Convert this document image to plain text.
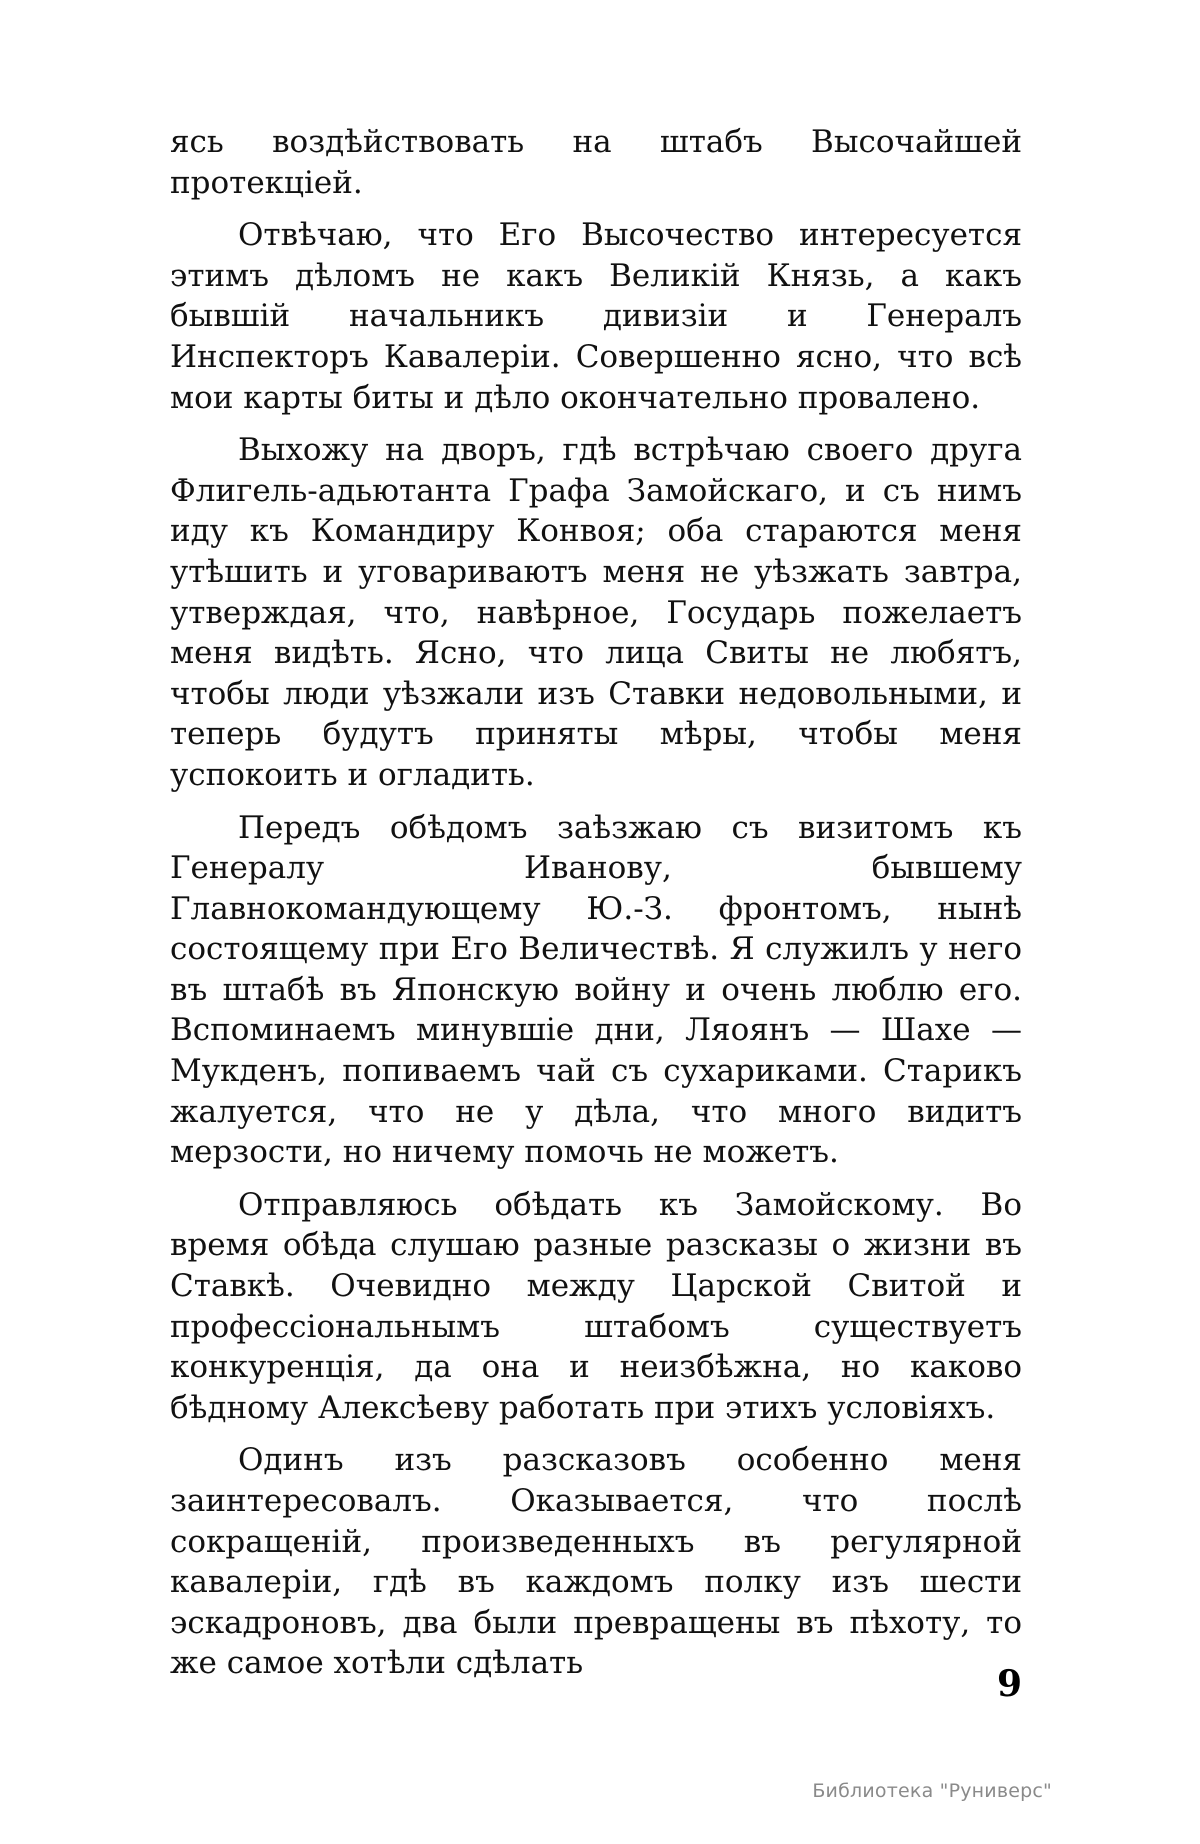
ясь воздѣйствовать на штабъ Высочайшей протекціей.

Отвѣчаю, что Его Высочество интересуется этимъ дѣломъ не какъ Великій Князь, а какъ бывшій начальникъ дивизіи и Генералъ Инспекторъ Кавалеріи. Совершенно ясно, что всѣ мои карты биты и дѣло окончательно провалено.

Выхожу на дворъ, гдѣ встрѣчаю своего друга Флигель-адьютанта Графа Замойскаго, и съ нимъ иду къ Командиру Конвоя; оба стараются меня утѣшить и уговариваютъ меня не уѣзжать завтра, утверждая, что, навѣрное, Государь пожелаетъ меня видѣть. Ясно, что лица Свиты не любятъ, чтобы люди уѣзжали изъ Ставки недовольными, и теперь будутъ приняты мѣры, чтобы меня успокоить и огладить.

Передъ обѣдомъ заѣзжаю съ визитомъ къ Генералу Иванову, бывшему Главнокомандующему Ю.-З. фронтомъ, нынѣ состоящему при Его Величествѣ. Я служилъ у него въ штабѣ въ Японскую войну и очень люблю его. Вспоминаемъ минувшіе дни, Ляоянъ — Шахе — Мукденъ, попиваемъ чай съ сухариками. Старикъ жалуется, что не у дѣла, что много видитъ мерзости, но ничему помочь не можетъ.

Отправляюсь обѣдать къ Замойскому. Во время обѣда слушаю разные разсказы о жизни въ Ставкѣ. Очевидно между Царской Свитой и профессіональнымъ штабомъ существуетъ конкуренція, да она и неизбѣжна, но каково бѣдному Алексѣеву работать при этихъ условіяхъ.

Одинъ изъ разсказовъ особенно меня заинтересовалъ. Оказывается, что послѣ сокращеній, произведенныхъ въ регулярной кавалеріи, гдѣ въ каждомъ полку изъ шести эскадроновъ, два были превращены въ пѣхоту, то же самое хотѣли сдѣлать	9
Библиотека "Руниверс"
